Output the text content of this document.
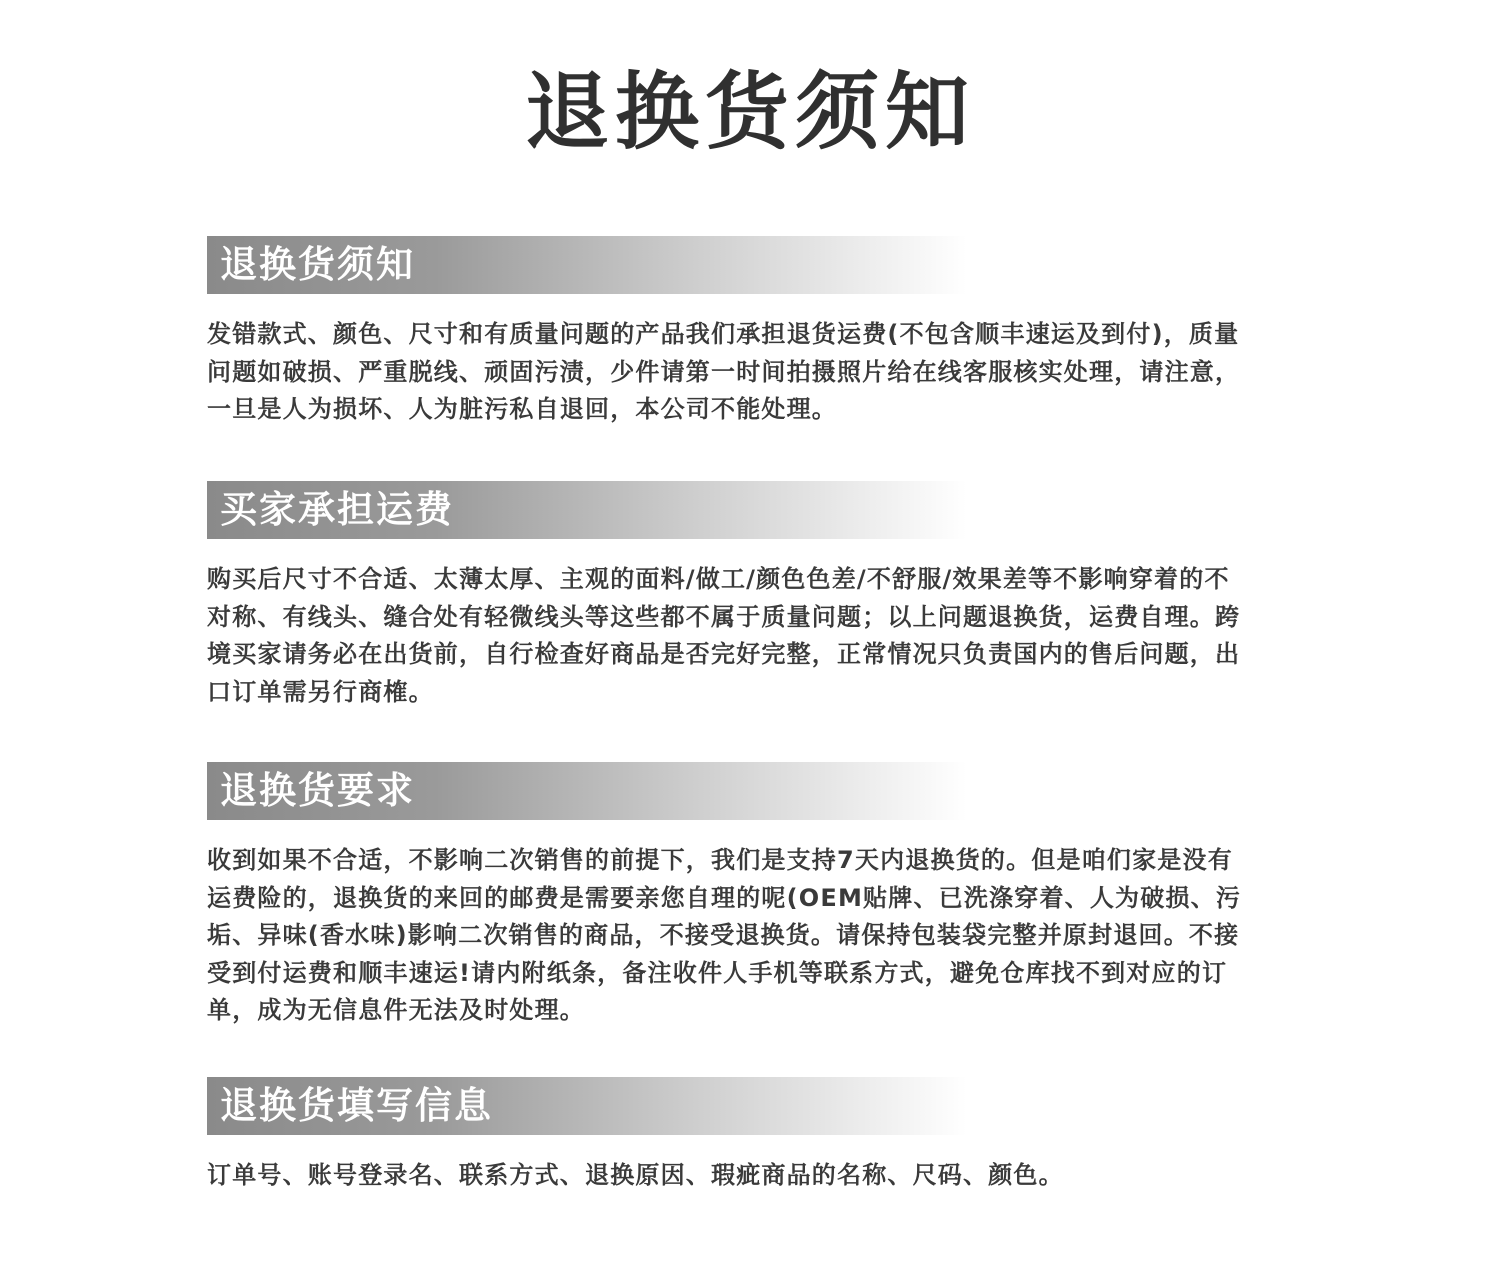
退换货须知
退换货须知

发错款式、颜色、尺寸和有质量问题的产品我们承担退货运费(不包含顺丰速运及到付)，质量问题如破损、严重脱线、顽固污渍，少件请第一时间拍摄照片给在线客服核实处理，请注意，一旦是人为损坏、人为脏污私自退回，本公司不能处理。

买家承担运费

购买后尺寸不合适、太薄太厚、主观的面料/做工/颜色色差/不舒服/效果差等不影响穿着的不对称、有线头、缝合处有轻微线头等这些都不属于质量问题；以上问题退换货，运费自理。跨境买家请务必在出货前，自行检查好商品是否完好完整，正常情况只负责国内的售后问题，出口订单需另行商榷。

退换货要求

收到如果不合适，不影响二次销售的前提下，我们是支持7天内退换货的。但是咱们家是没有运费险的，退换货的来回的邮费是需要亲您自理的呢(OEM贴牌、已洗涤穿着、人为破损、污垢、异味(香水味)影响二次销售的商品，不接受退换货。请保持包装袋完整并原封退回。不接受到付运费和顺丰速运!请内附纸条，备注收件人手机等联系方式，避免仓库找不到对应的订单，成为无信息件无法及时处理。

退换货填写信息

订单号、账号登录名、联系方式、退换原因、瑕疵商品的名称、尺码、颜色。
